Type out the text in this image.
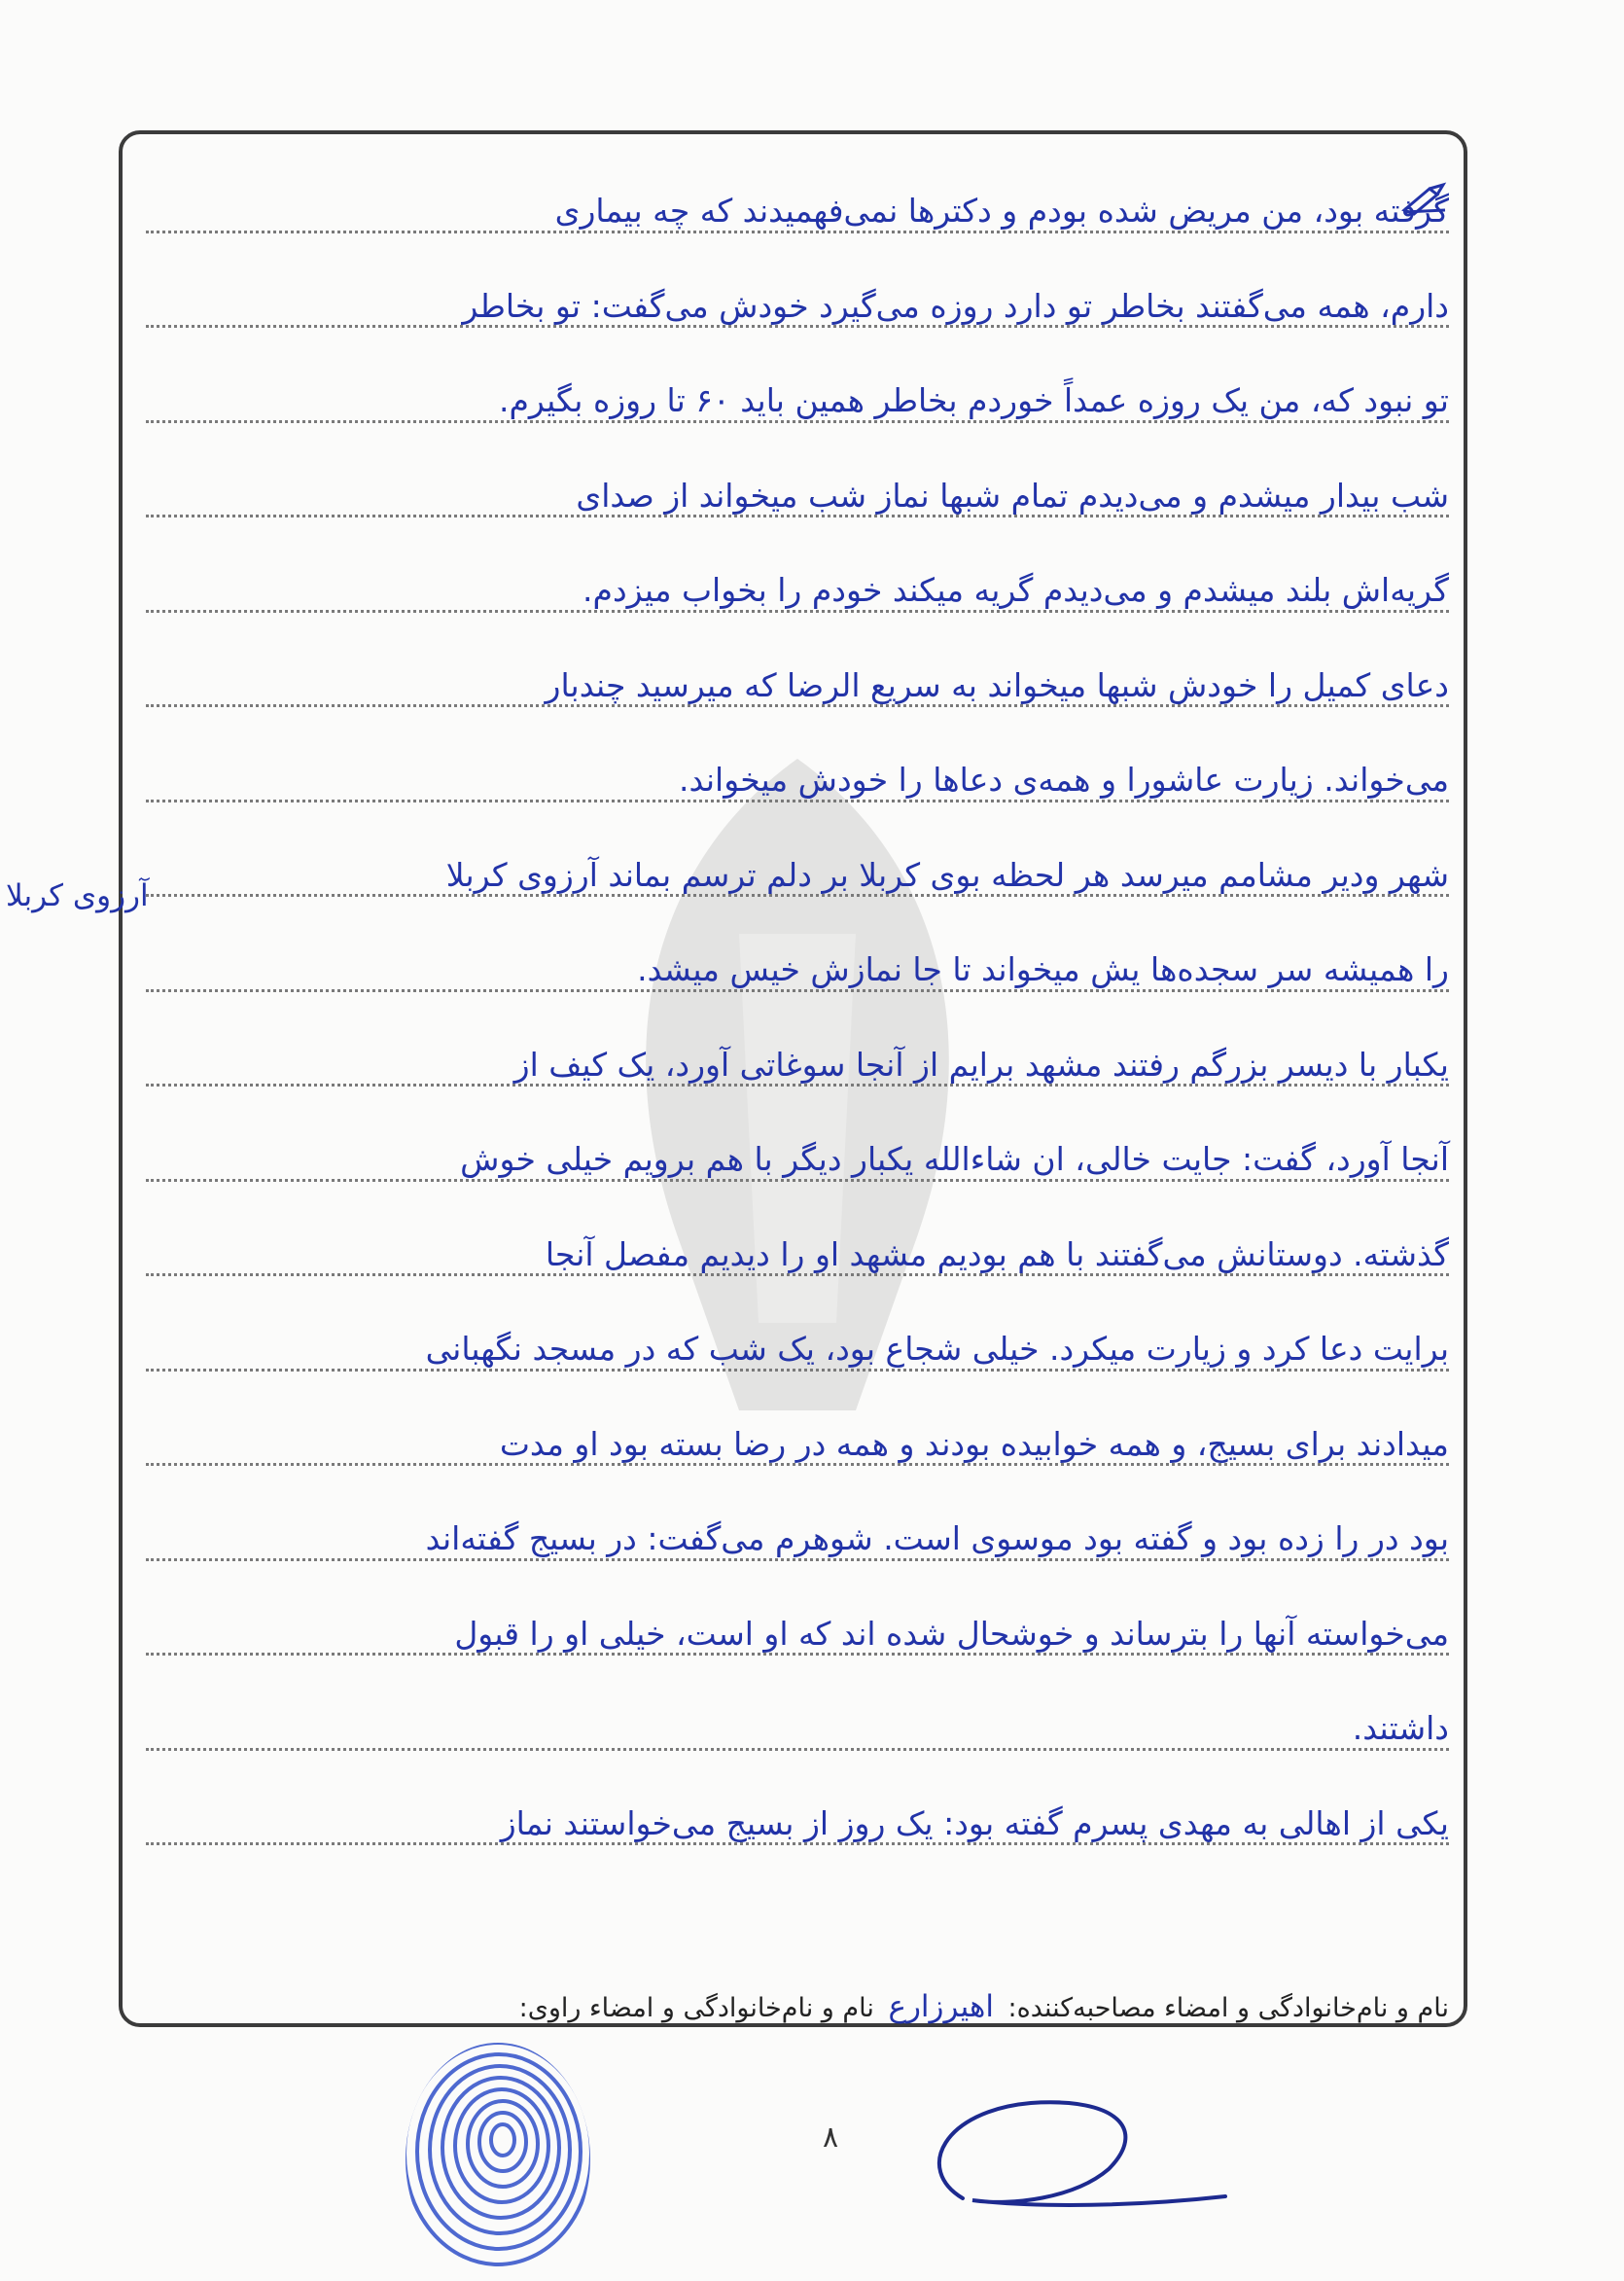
گرفته بود، من مریض شده بودم و دکترها نمی‌فهمیدند که چه بیماری
دارم، همه می‌گفتند بخاطر تو دارد روزه می‌گیرد خودش می‌گفت: تو بخاطر
تو نبود که، من یک روزه عمداً خوردم بخاطر همین باید ۶۰ تا روزه بگیرم.
شب بیدار میشدم و می‌دیدم تمام شبها نماز شب میخواند از صدای
گریه‌اش بلند میشدم و می‌دیدم گریه میکند خودم را بخواب میزدم.
دعای کمیل را خودش شبها میخواند به سریع الرضا که میرسید چندبار
می‌خواند. زیارت عاشورا و همه‌ی دعاها را خودش میخواند.
شهر ودیر مشامم میرسد هر لحظه بوی کربلا بر دلم ترسم بماند آرزوی کربلا
را همیشه سر سجده‌ها یش میخواند تا جا نمازش خیس میشد.
یکبار با دیسر بزرگم رفتند مشهد برایم از آنجا سوغاتی آورد، یک کیف از
آنجا آورد، گفت: جایت خالی، ان شاءالله یکبار دیگر با هم برویم خیلی خوش
گذشته. دوستانش می‌گفتند با هم بودیم مشهد او را دیدیم مفصل آنجا
برایت دعا کرد و زیارت میکرد. خیلی شجاع بود، یک شب که در مسجد نگهبانی
میدادند برای بسیج، و همه خوابیده بودند و همه در رضا بسته بود او مدت
بود در را زده بود و گفته بود موسوی است. شوهرم می‌گفت: در بسیج گفته‌اند
می‌خواسته آنها را بترساند و خوشحال شده اند که او است، خیلی او را قبول
داشتند.
یکی از اهالی به مهدی پسرم گفته بود: یک روز از بسیج می‌خواستند نماز
آرزوی کربلا
نام و نام‌خانوادگی و امضاء مصاحبه‌کننده: اهیرزارع نام و نام‌خانوادگی و امضاء راوی:
۸
